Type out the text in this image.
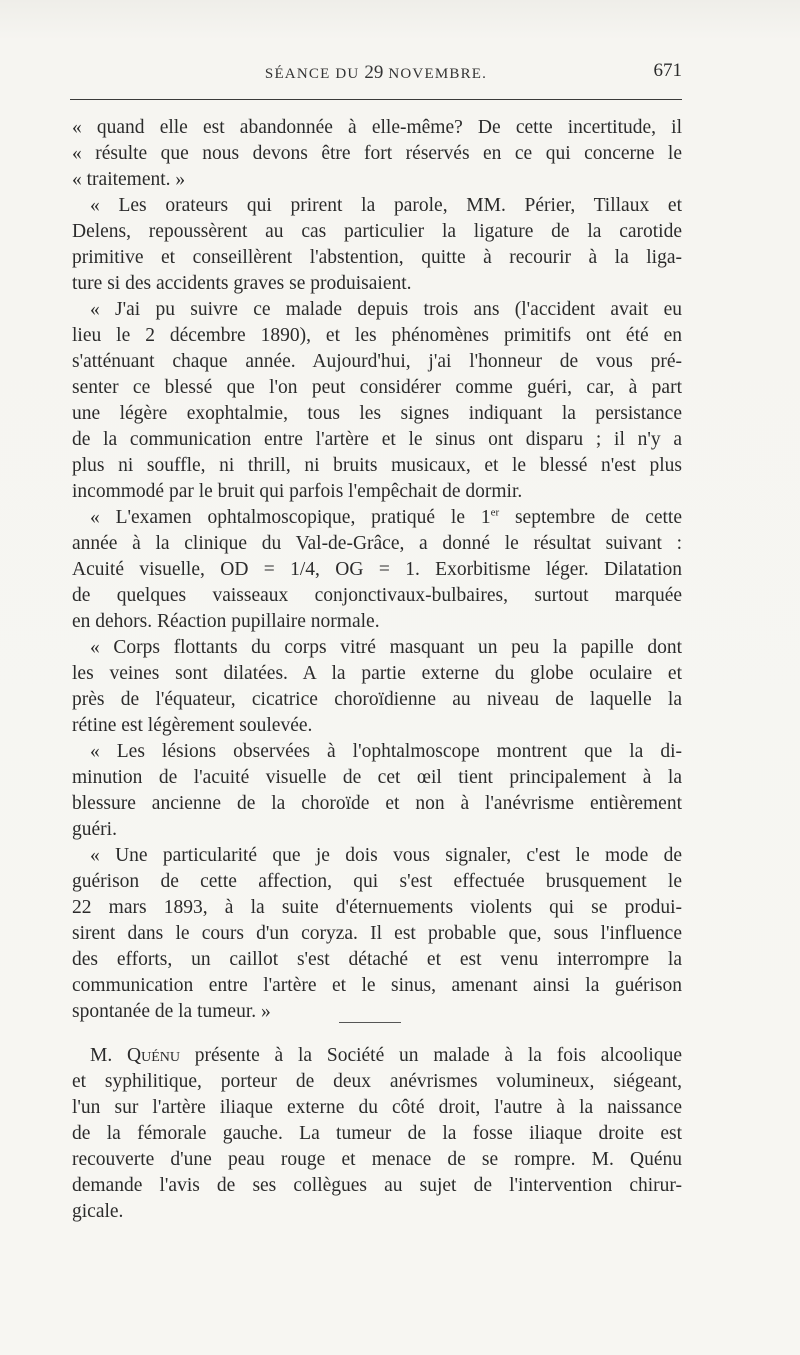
SÉANCE DU 29 NOVEMBRE.	671
« quand elle est abandonnée à elle-même? De cette incertitude, il
« résulte que nous devons être fort réservés en ce qui concerne le
« traitement. »
« Les orateurs qui prirent la parole, MM. Périer, Tillaux et
Delens, repoussèrent au cas particulier la ligature de la carotide
primitive et conseillèrent l'abstention, quitte à recourir à la liga-
ture si des accidents graves se produisaient.
« J'ai pu suivre ce malade depuis trois ans (l'accident avait eu
lieu le 2 décembre 1890), et les phénomènes primitifs ont été en
s'atténuant chaque année. Aujourd'hui, j'ai l'honneur de vous pré-
senter ce blessé que l'on peut considérer comme guéri, car, à part
une légère exophtalmie, tous les signes indiquant la persistance
de la communication entre l'artère et le sinus ont disparu ; il n'y a
plus ni souffle, ni thrill, ni bruits musicaux, et le blessé n'est plus
incommodé par le bruit qui parfois l'empêchait de dormir.
« L'examen ophtalmoscopique, pratiqué le 1er septembre de cette
année à la clinique du Val-de-Grâce, a donné le résultat suivant :
Acuité visuelle, OD = 1/4, OG = 1. Exorbitisme léger. Dilatation
de quelques vaisseaux conjonctivaux-bulbaires, surtout marquée
en dehors. Réaction pupillaire normale.
« Corps flottants du corps vitré masquant un peu la papille dont
les veines sont dilatées. A la partie externe du globe oculaire et
près de l'équateur, cicatrice choroïdienne au niveau de laquelle la
rétine est légèrement soulevée.
« Les lésions observées à l'ophtalmoscope montrent que la di-
minution de l'acuité visuelle de cet œil tient principalement à la
blessure ancienne de la choroïde et non à l'anévrisme entièrement
guéri.
« Une particularité que je dois vous signaler, c'est le mode de
guérison de cette affection, qui s'est effectuée brusquement le
22 mars 1893, à la suite d'éternuements violents qui se produi-
sirent dans le cours d'un coryza. Il est probable que, sous l'influence
des efforts, un caillot s'est détaché et est venu interrompre la
communication entre l'artère et le sinus, amenant ainsi la guérison
spontanée de la tumeur. »
M. Quénu présente à la Société un malade à la fois alcoolique
et syphilitique, porteur de deux anévrismes volumineux, siégeant,
l'un sur l'artère iliaque externe du côté droit, l'autre à la naissance
de la fémorale gauche. La tumeur de la fosse iliaque droite est
recouverte d'une peau rouge et menace de se rompre. M. Quénu
demande l'avis de ses collègues au sujet de l'intervention chirur-
gicale.
